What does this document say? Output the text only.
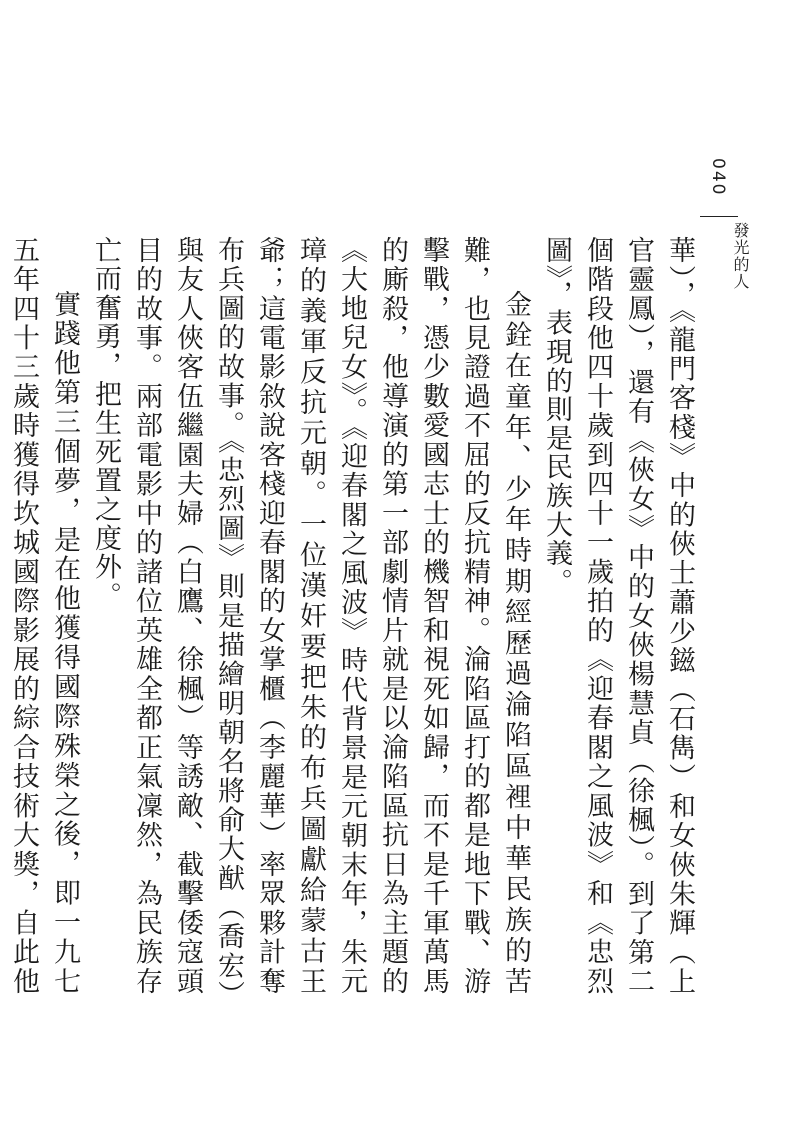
040
發光的人

華），《龍門客棧》中的俠士蕭少鎡（石雋）和女俠朱輝（上官靈鳳），還有《俠女》中的女俠楊慧貞（徐楓）。到了第二個階段他四十歲到四十一歲拍的《迎春閣之風波》和《忠烈圖》，表現的則是民族大義。

金銓在童年、少年時期經歷過淪陷區裡中華民族的苦難，也見證過不屈的反抗精神。淪陷區打的都是地下戰、游擊戰，憑少數愛國志士的機智和視死如歸，而不是千軍萬馬的廝殺，他導演的第一部劇情片就是以淪陷區抗日為主題的《大地兒女》。《迎春閣之風波》時代背景是元朝末年，朱元璋的義軍反抗元朝。一位漢奸要把朱的布兵圖獻給蒙古王爺；這電影敘說客棧迎春閣的女掌櫃（李麗華）率眾夥計奪布兵圖的故事。《忠烈圖》則是描繪明朝名將俞大猷（喬宏）與友人俠客伍繼園夫婦（白鷹、徐楓）等誘敵、截擊倭寇頭目的故事。兩部電影中的諸位英雄全都正氣凜然，為民族存亡而奮勇，把生死置之度外。

實踐他第三個夢，是在他獲得國際殊榮之後，即一九七五年四十三歲時獲得坎城國際影展的綜合技術大獎，自此他
